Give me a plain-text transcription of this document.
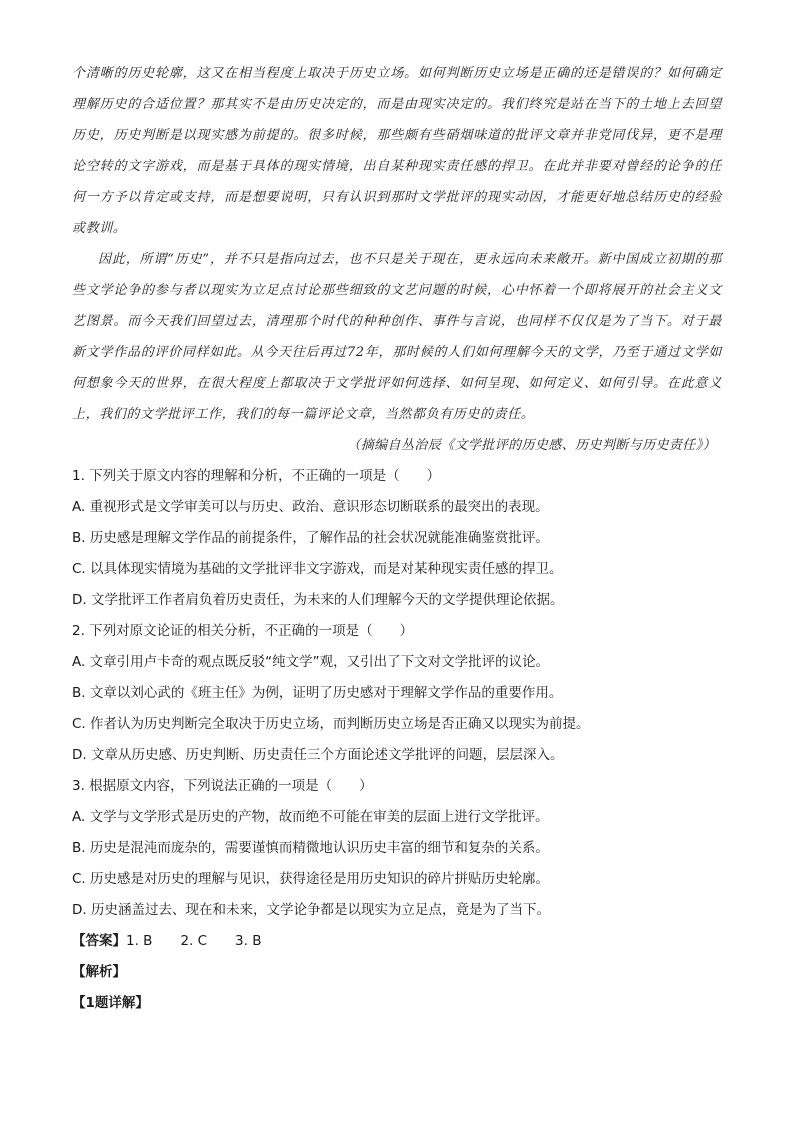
个清晰的历史轮廓，这又在相当程度上取决于历史立场。如何判断历史立场是正确的还是错误的？如何确定理解历史的合适位置？那其实不是由历史决定的，而是由现实决定的。我们终究是站在当下的土地上去回望历史，历史判断是以现实感为前提的。很多时候，那些颇有些硝烟味道的批评文章并非党同伐异，更不是理论空转的文字游戏，而是基于具体的现实情境，出自某种现实责任感的捍卫。在此并非要对曾经的论争的任何一方予以肯定或支持，而是想要说明，只有认识到那时文学批评的现实动因，才能更好地总结历史的经验或教训。

因此，所谓“历史”，并不只是指向过去，也不只是关于现在，更永远向未来敞开。新中国成立初期的那些文学论争的参与者以现实为立足点讨论那些细致的文艺问题的时候，心中怀着一个即将展开的社会主义文艺图景。而今天我们回望过去，清理那个时代的种种创作、事件与言说，也同样不仅仅是为了当下。对于最新文学作品的评价同样如此。从今天往后再过72年，那时候的人们如何理解今天的文学，乃至于通过文学如何想象今天的世界，在很大程度上都取决于文学批评如何选择、如何呈现、如何定义、如何引导。在此意义上，我们的文学批评工作，我们的每一篇评论文章，当然都负有历史的责任。

（摘编自丛治辰《文学批评的历史感、历史判断与历史责任》）

1. 下列关于原文内容的理解和分析，不正确的一项是（　　）

A. 重视形式是文学审美可以与历史、政治、意识形态切断联系的最突出的表现。

B. 历史感是理解文学作品的前提条件，了解作品的社会状况就能准确鉴赏批评。

C. 以具体现实情境为基础的文学批评非文字游戏，而是对某种现实责任感的捍卫。

D. 文学批评工作者肩负着历史责任，为未来的人们理解今天的文学提供理论依据。

2. 下列对原文论证的相关分析，不正确的一项是（　　）

A. 文章引用卢卡奇的观点既反驳“纯文学”观，又引出了下文对文学批评的议论。

B. 文章以刘心武的《班主任》为例，证明了历史感对于理解文学作品的重要作用。

C. 作者认为历史判断完全取决于历史立场，而判断历史立场是否正确又以现实为前提。

D. 文章从历史感、历史判断、历史责任三个方面论述文学批评的问题，层层深入。

3. 根据原文内容，下列说法正确的一项是（　　）

A. 文学与文学形式是历史的产物，故而绝不可能在审美的层面上进行文学批评。

B. 历史是混沌而庞杂的，需要谨慎而精微地认识历史丰富的细节和复杂的关系。

C. 历史感是对历史的理解与见识，获得途径是用历史知识的碎片拼贴历史轮廓。

D. 历史涵盖过去、现在和未来，文学论争都是以现实为立足点，竟是为了当下。

【答案】1. B 2. C 3. B

【解析】

【1题详解】
